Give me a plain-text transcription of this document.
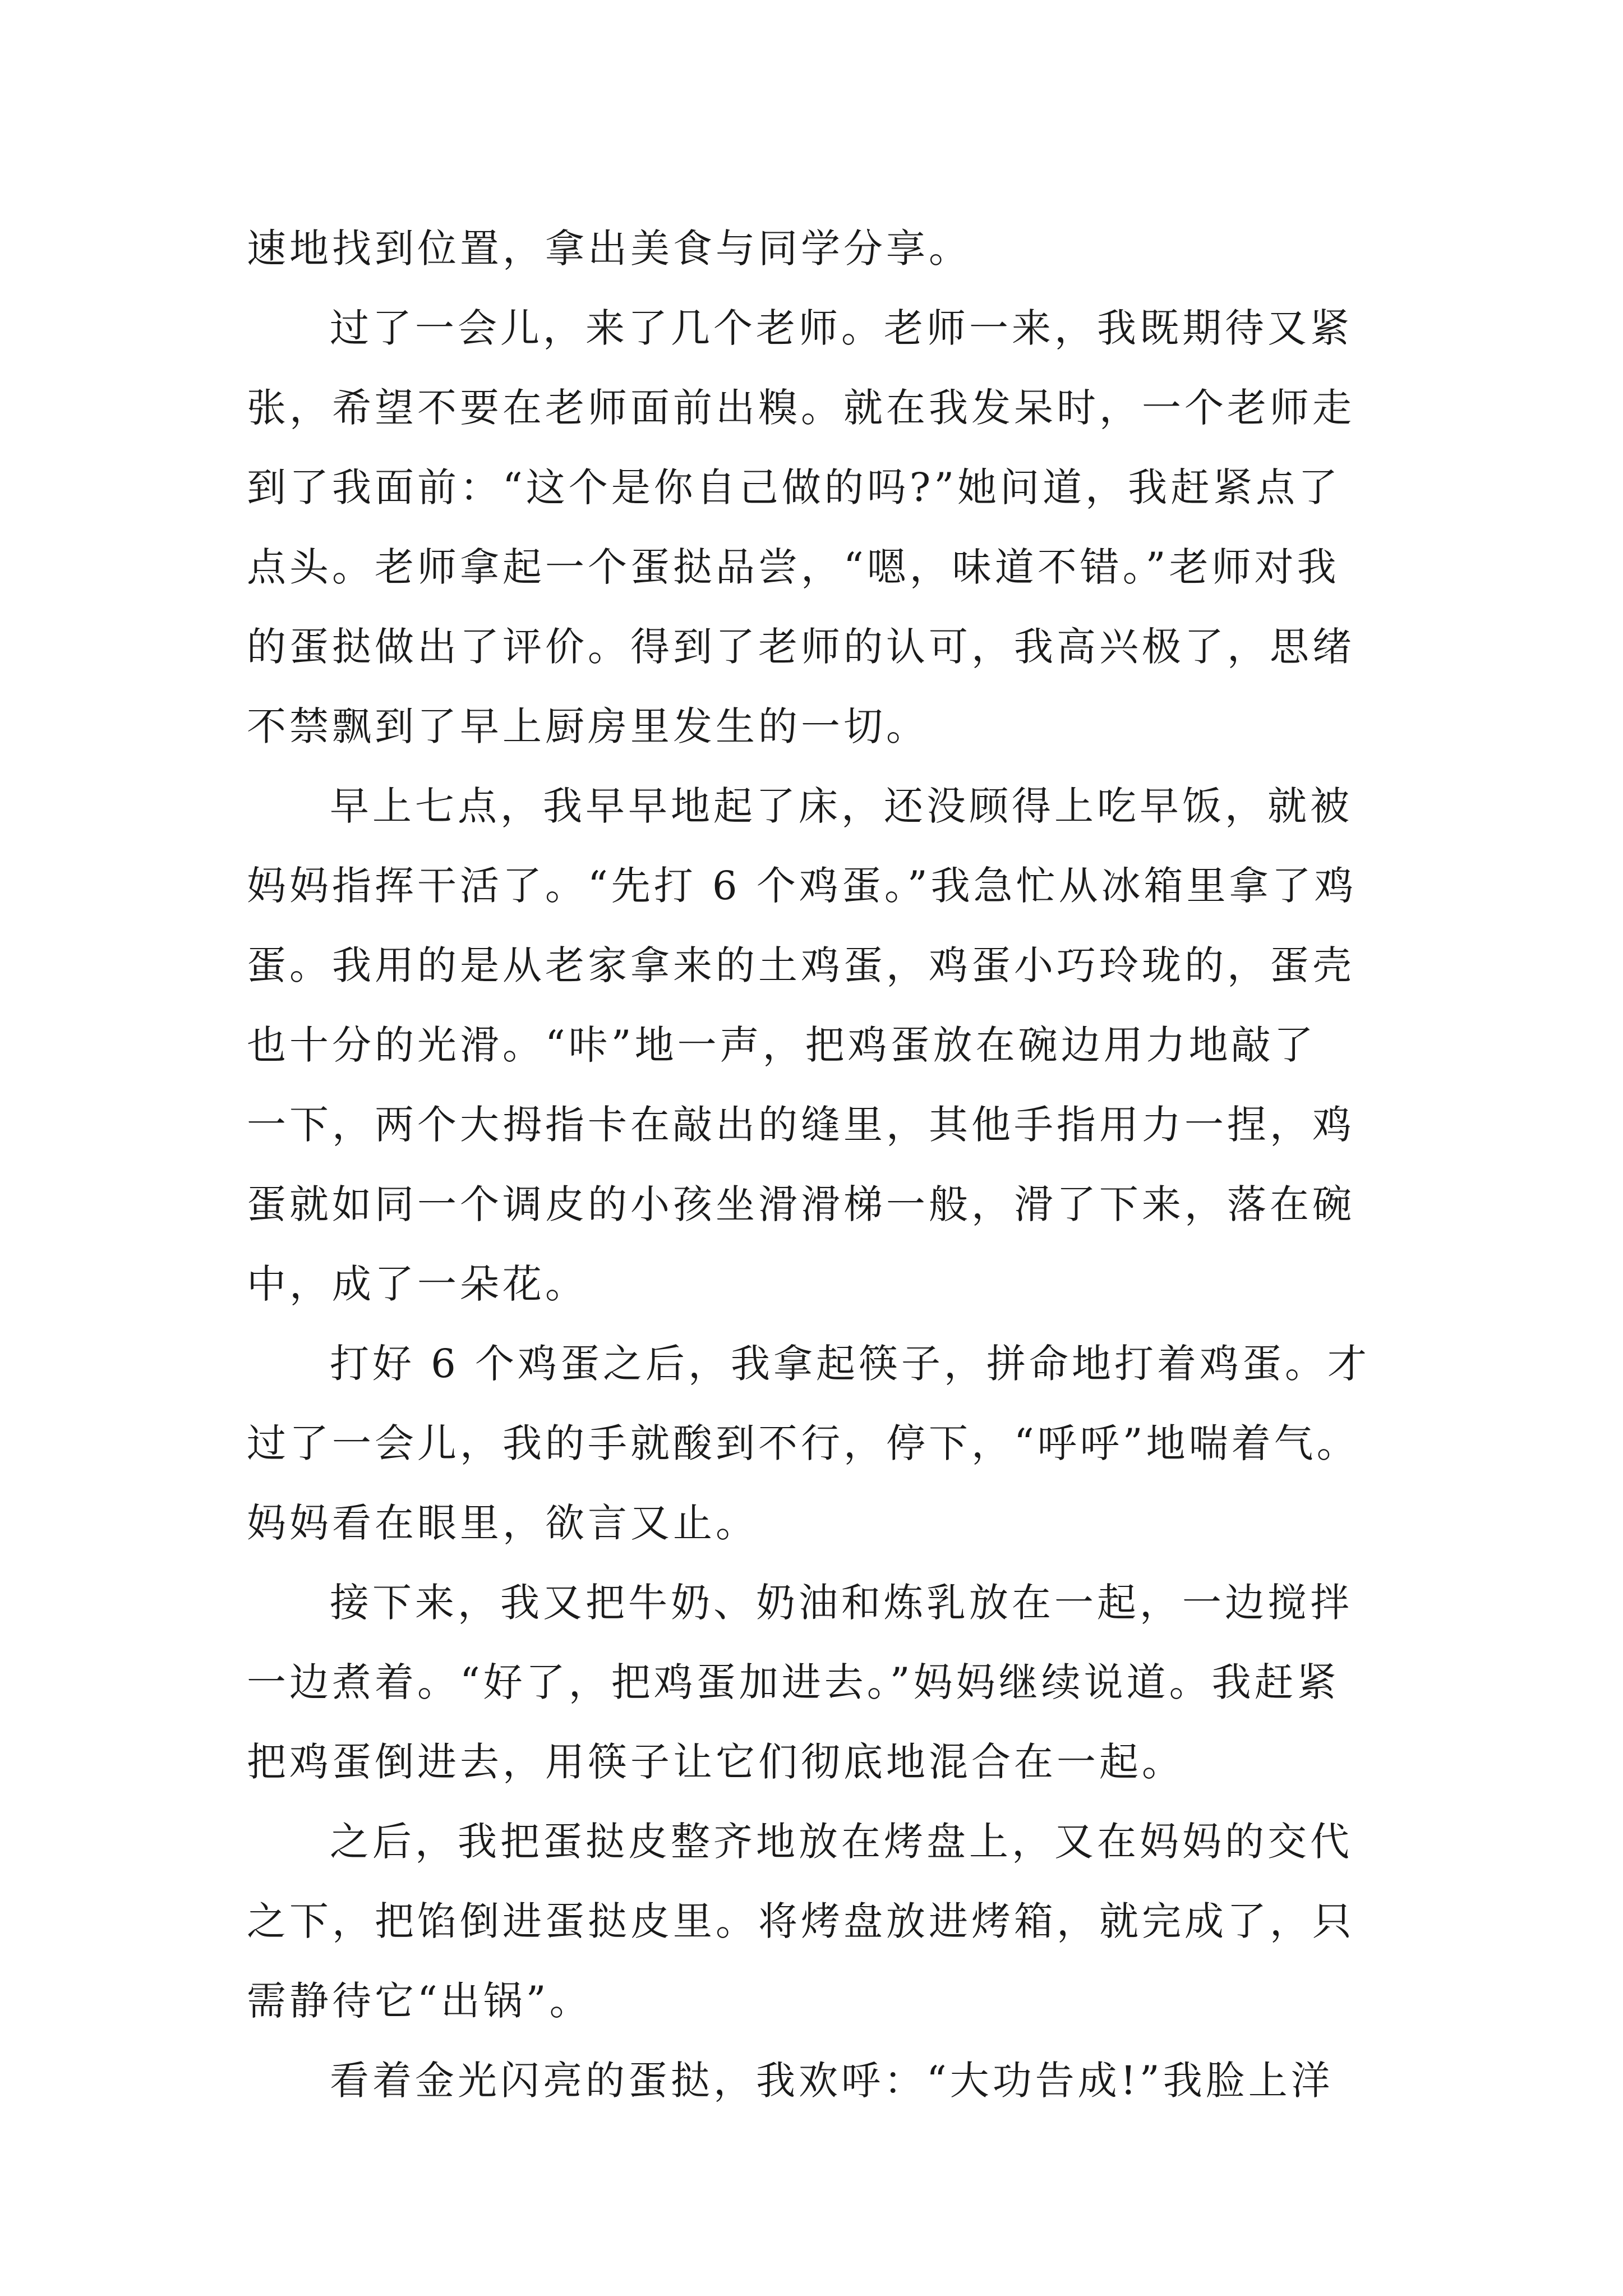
速地找到位置，拿出美食与同学分享。
过了一会儿，来了几个老师。老师一来，我既期待又紧
张，希望不要在老师面前出糗。就在我发呆时，一个老师走
到了我面前：“这个是你自己做的吗?”她问道，我赶紧点了
点头。老师拿起一个蛋挞品尝，“嗯，味道不错。”老师对我
的蛋挞做出了评价。得到了老师的认可，我高兴极了，思绪
不禁飘到了早上厨房里发生的一切。
早上七点，我早早地起了床，还没顾得上吃早饭，就被
妈妈指挥干活了。“先打 6 个鸡蛋。”我急忙从冰箱里拿了鸡
蛋。我用的是从老家拿来的土鸡蛋，鸡蛋小巧玲珑的，蛋壳
也十分的光滑。“咔”地一声，把鸡蛋放在碗边用力地敲了
一下，两个大拇指卡在敲出的缝里，其他手指用力一捏，鸡
蛋就如同一个调皮的小孩坐滑滑梯一般，滑了下来，落在碗
中，成了一朵花。
打好 6 个鸡蛋之后，我拿起筷子，拼命地打着鸡蛋。才
过了一会儿，我的手就酸到不行，停下，“呼呼”地喘着气。
妈妈看在眼里，欲言又止。
接下来，我又把牛奶、奶油和炼乳放在一起，一边搅拌
一边煮着。“好了，把鸡蛋加进去。”妈妈继续说道。我赶紧
把鸡蛋倒进去，用筷子让它们彻底地混合在一起。
之后，我把蛋挞皮整齐地放在烤盘上，又在妈妈的交代
之下，把馅倒进蛋挞皮里。将烤盘放进烤箱，就完成了，只
需静待它“出锅”。
看着金光闪亮的蛋挞，我欢呼：“大功告成!”我脸上洋
